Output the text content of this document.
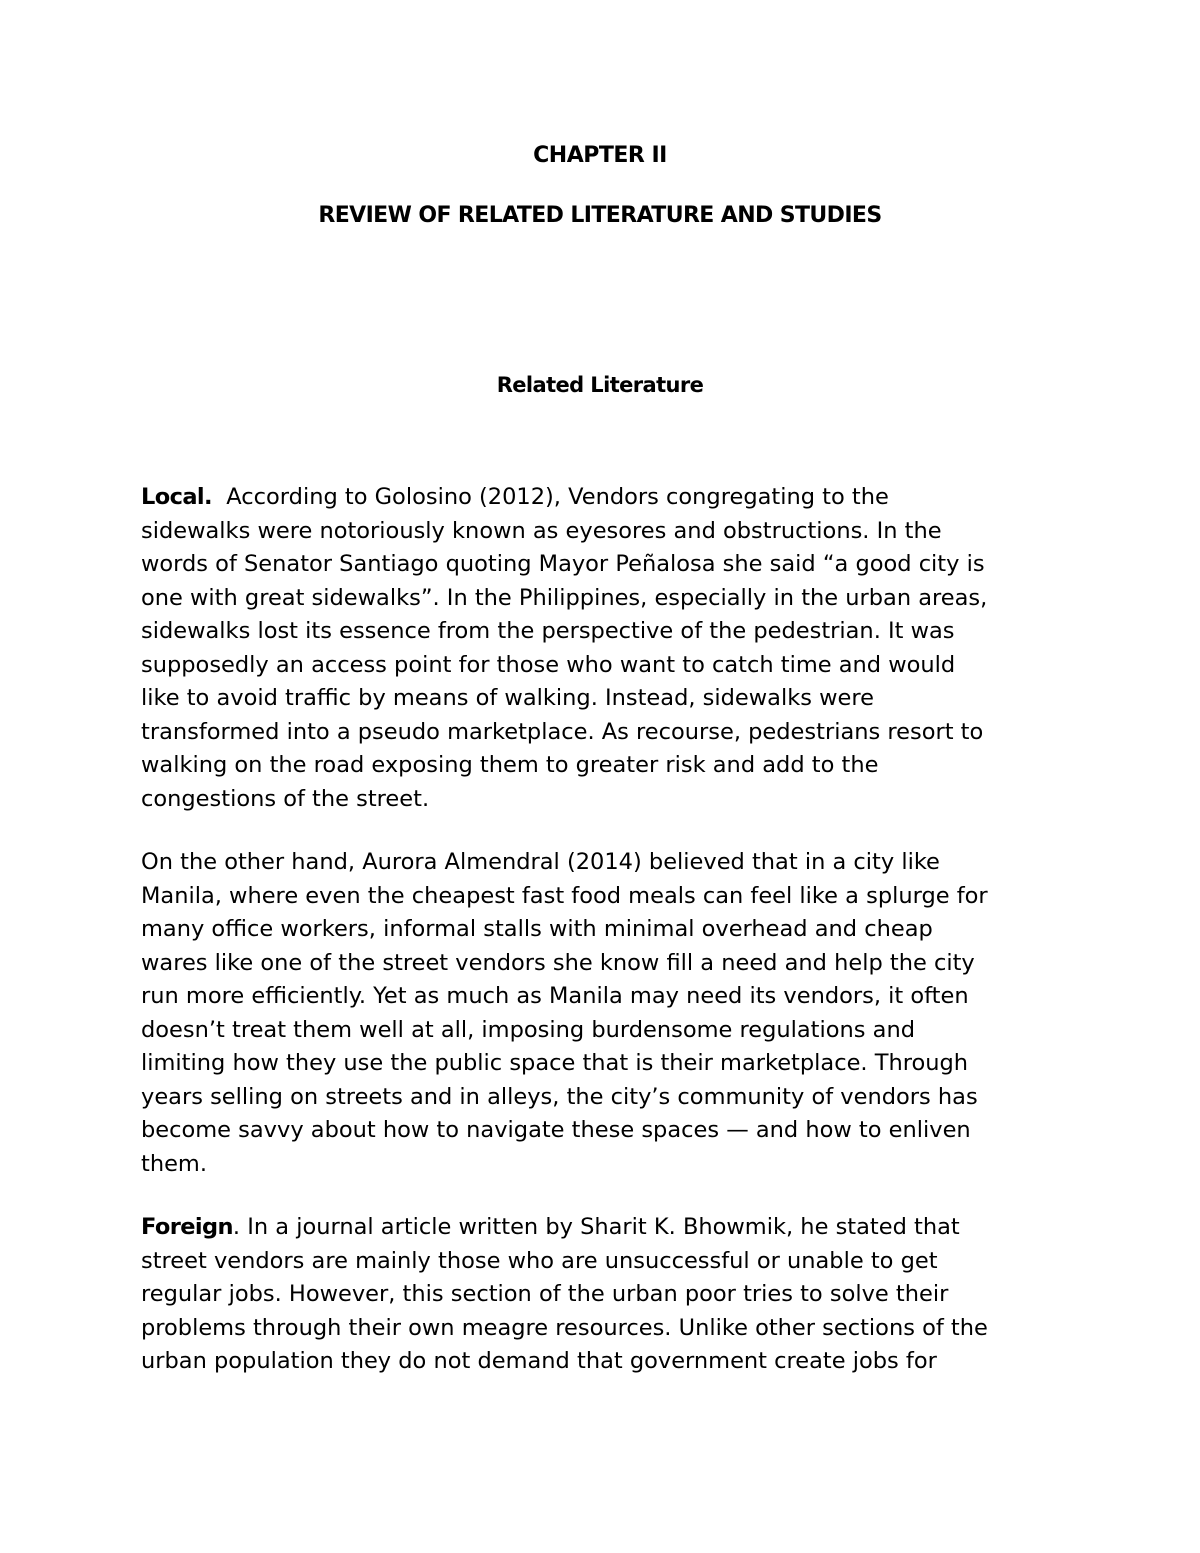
CHAPTER II
REVIEW OF RELATED LITERATURE AND STUDIES
Related Literature
Local. According to Golosino (2012), Vendors congregating to the
sidewalks were notoriously known as eyesores and obstructions. In the
words of Senator Santiago quoting Mayor Peñalosa she said “a good city is
one with great sidewalks”. In the Philippines, especially in the urban areas,
sidewalks lost its essence from the perspective of the pedestrian. It was
supposedly an access point for those who want to catch time and would
like to avoid traffic by means of walking. Instead, sidewalks were
transformed into a pseudo marketplace. As recourse, pedestrians resort to
walking on the road exposing them to greater risk and add to the
congestions of the street.
On the other hand, Aurora Almendral (2014) believed that in a city like
Manila, where even the cheapest fast food meals can feel like a splurge for
many office workers, informal stalls with minimal overhead and cheap
wares like one of the street vendors she know fill a need and help the city
run more efficiently. Yet as much as Manila may need its vendors, it often
doesn’t treat them well at all, imposing burdensome regulations and
limiting how they use the public space that is their marketplace. Through
years selling on streets and in alleys, the city’s community of vendors has
become savvy about how to navigate these spaces — and how to enliven
them.
Foreign. In a journal article written by Sharit K. Bhowmik, he stated that
street vendors are mainly those who are unsuccessful or unable to get
regular jobs. However, this section of the urban poor tries to solve their
problems through their own meagre resources. Unlike other sections of the
urban population they do not demand that government create jobs for
